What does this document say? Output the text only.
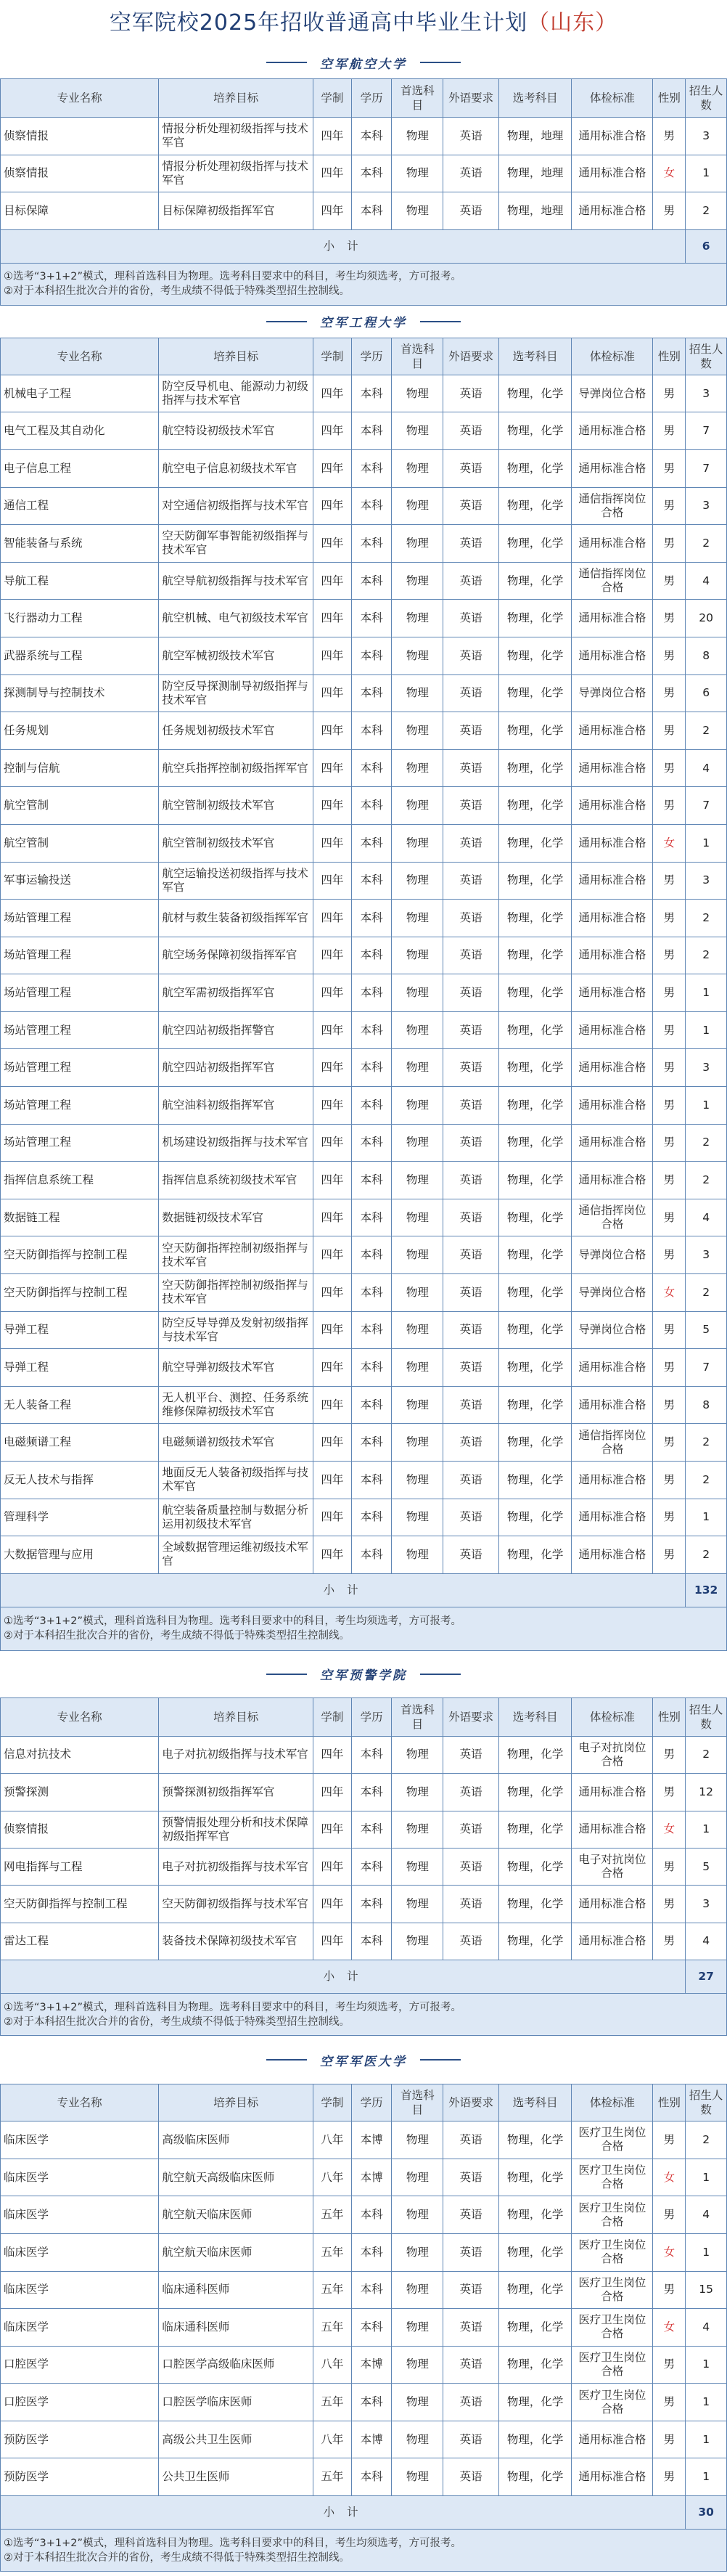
空军院校2025年招收普通高中毕业生计划（山东）
空军航空大学
专业名称	培养目标	学制	学历	首选科目	外语要求	选考科目	体检标准	性别	招生人数
侦察情报	情报分析处理初级指挥与技术军官	四年	本科	物理	英语	物理，地理	通用标准合格	男	3
侦察情报	情报分析处理初级指挥与技术军官	四年	本科	物理	英语	物理，地理	通用标准合格	女	1
目标保障	目标保障初级指挥军官	四年	本科	物理	英语	物理，地理	通用标准合格	男	2
小 计									6

①选考“3+1+2”模式，理科首选科目为物理。选考科目要求中的科目，考生均须选考，方可报考。
②对于本科招生批次合并的省份，考生成绩不得低于特殊类型招生控制线。									
空军工程大学
专业名称	培养目标	学制	学历	首选科目	外语要求	选考科目	体检标准	性别	招生人数
机械电子工程	防空反导机电、能源动力初级指挥与技术军官	四年	本科	物理	英语	物理，化学	导弹岗位合格	男	3
电气工程及其自动化	航空特设初级技术军官	四年	本科	物理	英语	物理，化学	通用标准合格	男	7
电子信息工程	航空电子信息初级技术军官	四年	本科	物理	英语	物理，化学	通用标准合格	男	7
通信工程	对空通信初级指挥与技术军官	四年	本科	物理	英语	物理，化学	通信指挥岗位合格	男	3
智能装备与系统	空天防御军事智能初级指挥与技术军官	四年	本科	物理	英语	物理，化学	通用标准合格	男	2
导航工程	航空导航初级指挥与技术军官	四年	本科	物理	英语	物理，化学	通信指挥岗位合格	男	4
飞行器动力工程	航空机械、电气初级技术军官	四年	本科	物理	英语	物理，化学	通用标准合格	男	20
武器系统与工程	航空军械初级技术军官	四年	本科	物理	英语	物理，化学	通用标准合格	男	8
探测制导与控制技术	防空反导探测制导初级指挥与技术军官	四年	本科	物理	英语	物理，化学	导弹岗位合格	男	6
任务规划	任务规划初级技术军官	四年	本科	物理	英语	物理，化学	通用标准合格	男	2
控制与信航	航空兵指挥控制初级指挥军官	四年	本科	物理	英语	物理，化学	通用标准合格	男	4
航空管制	航空管制初级技术军官	四年	本科	物理	英语	物理，化学	通用标准合格	男	7
航空管制	航空管制初级技术军官	四年	本科	物理	英语	物理，化学	通用标准合格	女	1
军事运输投送	航空运输投送初级指挥与技术军官	四年	本科	物理	英语	物理，化学	通用标准合格	男	3
场站管理工程	航材与救生装备初级指挥军官	四年	本科	物理	英语	物理，化学	通用标准合格	男	2
场站管理工程	航空场务保障初级指挥军官	四年	本科	物理	英语	物理，化学	通用标准合格	男	2
场站管理工程	航空军需初级指挥军官	四年	本科	物理	英语	物理，化学	通用标准合格	男	1
场站管理工程	航空四站初级指挥警官	四年	本科	物理	英语	物理，化学	通用标准合格	男	1
场站管理工程	航空四站初级指挥军官	四年	本科	物理	英语	物理，化学	通用标准合格	男	3
场站管理工程	航空油料初级指挥军官	四年	本科	物理	英语	物理，化学	通用标准合格	男	1
场站管理工程	机场建设初级指挥与技术军官	四年	本科	物理	英语	物理，化学	通用标准合格	男	2
指挥信息系统工程	指挥信息系统初级技术军官	四年	本科	物理	英语	物理，化学	通用标准合格	男	2
数据链工程	数据链初级技术军官	四年	本科	物理	英语	物理，化学	通信指挥岗位合格	男	4
空天防御指挥与控制工程	空天防御指挥控制初级指挥与技术军官	四年	本科	物理	英语	物理，化学	导弹岗位合格	男	3
空天防御指挥与控制工程	空天防御指挥控制初级指挥与技术军官	四年	本科	物理	英语	物理，化学	导弹岗位合格	女	2
导弹工程	防空反导导弹及发射初级指挥与技术军官	四年	本科	物理	英语	物理，化学	导弹岗位合格	男	5
导弹工程	航空导弹初级技术军官	四年	本科	物理	英语	物理，化学	通用标准合格	男	7
无人装备工程	无人机平台、测控、任务系统维修保障初级技术军官	四年	本科	物理	英语	物理，化学	通用标准合格	男	8
电磁频谱工程	电磁频谱初级技术军官	四年	本科	物理	英语	物理，化学	通信指挥岗位合格	男	2
反无人技术与指挥	地面反无人装备初级指挥与技术军官	四年	本科	物理	英语	物理，化学	通用标准合格	男	2
管理科学	航空装备质量控制与数据分析运用初级技术军官	四年	本科	物理	英语	物理，化学	通用标准合格	男	1
大数据管理与应用	全域数据管理运维初级技术军官	四年	本科	物理	英语	物理，化学	通用标准合格	男	2
小 计									132

①选考“3+1+2”模式，理科首选科目为物理。选考科目要求中的科目，考生均须选考，方可报考。
②对于本科招生批次合并的省份，考生成绩不得低于特殊类型招生控制线。									
空军预警学院
专业名称	培养目标	学制	学历	首选科目	外语要求	选考科目	体检标准	性别	招生人数
信息对抗技术	电子对抗初级指挥与技术军官	四年	本科	物理	英语	物理，化学	电子对抗岗位合格	男	2
预警探测	预警探测初级指挥军官	四年	本科	物理	英语	物理，化学	通用标准合格	男	12
侦察情报	预警情报处理分析和技术保障初级指挥军官	四年	本科	物理	英语	物理，化学	通用标准合格	女	1
网电指挥与工程	电子对抗初级指挥与技术军官	四年	本科	物理	英语	物理，化学	电子对抗岗位合格	男	5
空天防御指挥与控制工程	空天防御初级指挥与技术军官	四年	本科	物理	英语	物理，化学	通用标准合格	男	3
雷达工程	装备技术保障初级技术军官	四年	本科	物理	英语	物理，化学	通用标准合格	男	4
小 计									27

①选考“3+1+2”模式，理科首选科目为物理。选考科目要求中的科目，考生均须选考，方可报考。
②对于本科招生批次合并的省份，考生成绩不得低于特殊类型招生控制线。									
空军军医大学
专业名称	培养目标	学制	学历	首选科目	外语要求	选考科目	体检标准	性别	招生人数
临床医学	高级临床医师	八年	本博	物理	英语	物理，化学	医疗卫生岗位合格	男	2
临床医学	航空航天高级临床医师	八年	本博	物理	英语	物理，化学	医疗卫生岗位合格	女	1
临床医学	航空航天临床医师	五年	本科	物理	英语	物理，化学	医疗卫生岗位合格	男	4
临床医学	航空航天临床医师	五年	本科	物理	英语	物理，化学	医疗卫生岗位合格	女	1
临床医学	临床通科医师	五年	本科	物理	英语	物理，化学	医疗卫生岗位合格	男	15
临床医学	临床通科医师	五年	本科	物理	英语	物理，化学	医疗卫生岗位合格	女	4
口腔医学	口腔医学高级临床医师	八年	本博	物理	英语	物理，化学	医疗卫生岗位合格	男	1
口腔医学	口腔医学临床医师	五年	本科	物理	英语	物理，化学	医疗卫生岗位合格	男	1
预防医学	高级公共卫生医师	八年	本博	物理	英语	物理，化学	通用标准合格	男	1
预防医学	公共卫生医师	五年	本科	物理	英语	物理，化学	通用标准合格	男	1
小 计									30

①选考“3+1+2”模式，理科首选科目为物理。选考科目要求中的科目，考生均须选考，方可报考。
②对于本科招生批次合并的省份，考生成绩不得低于特殊类型招生控制线。									
